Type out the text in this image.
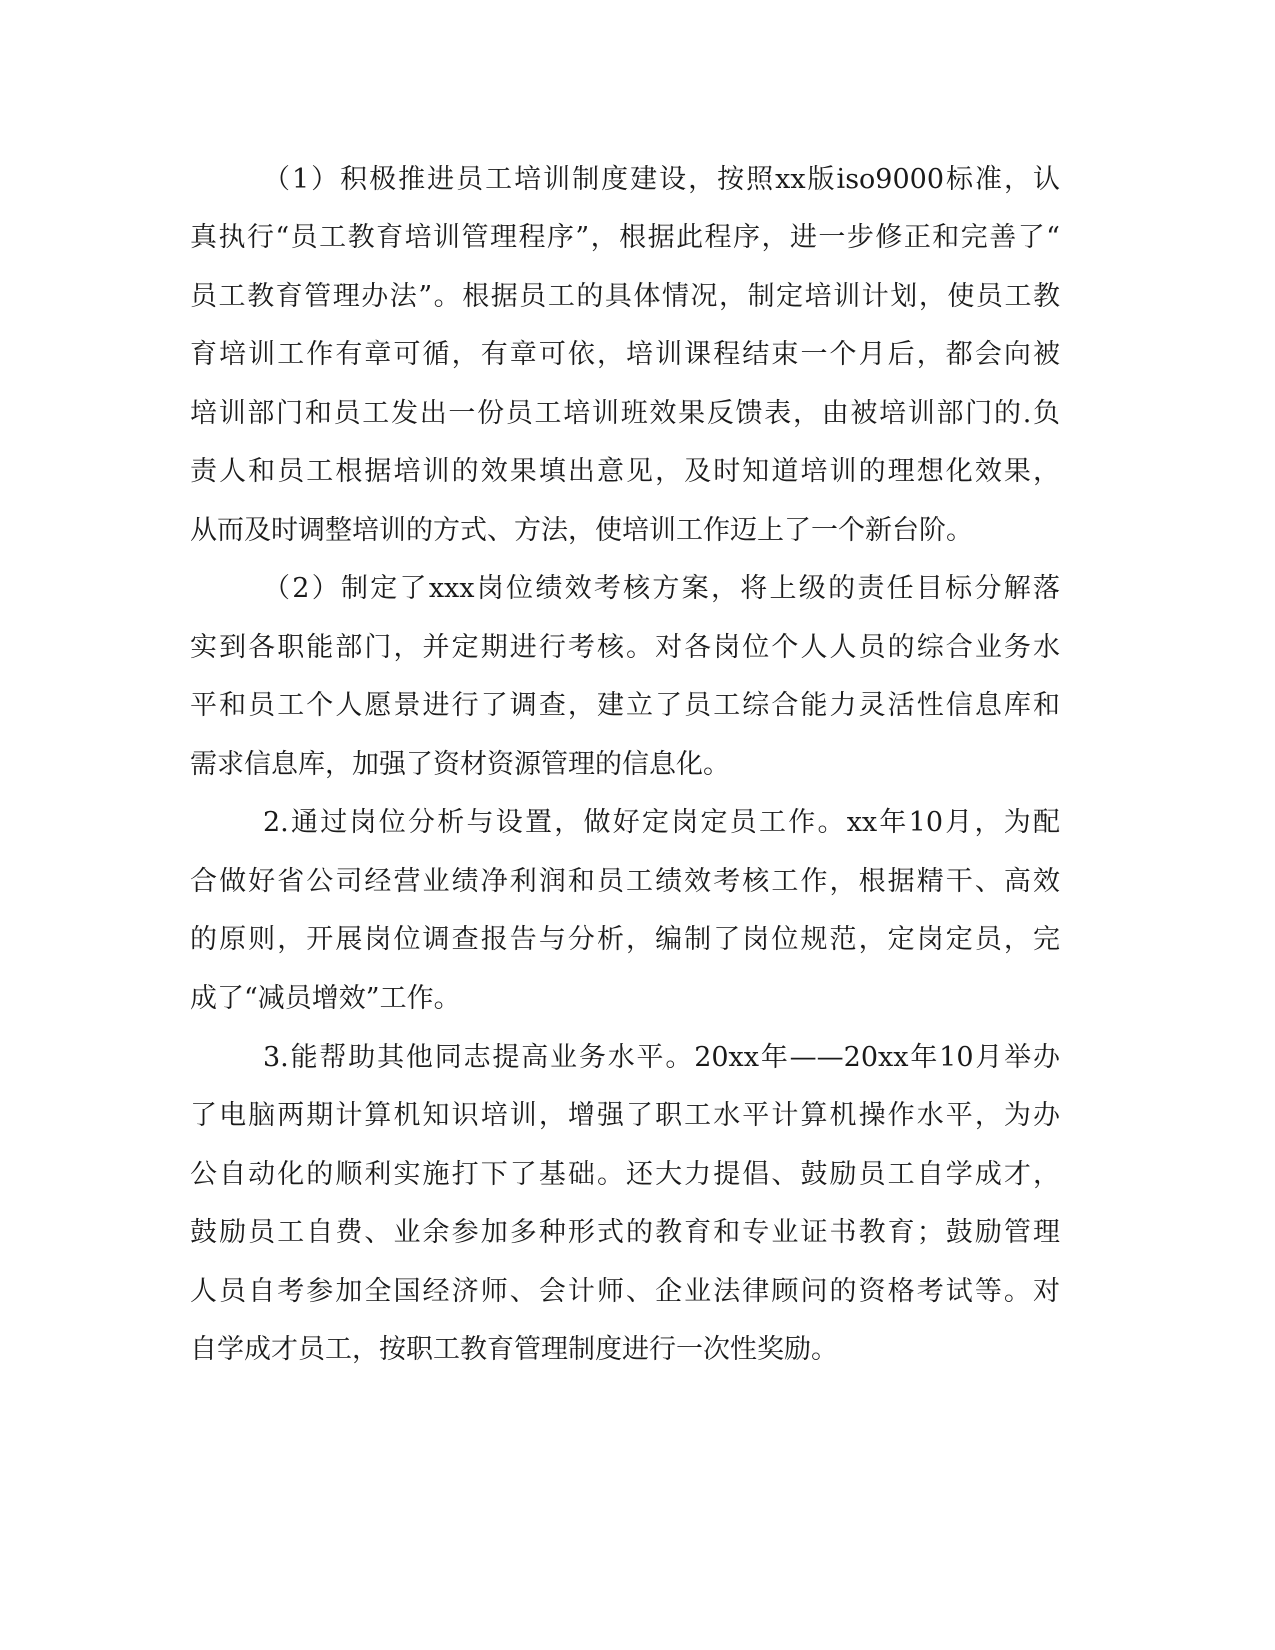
（1）积极推进员工培训制度建设，按照xx版iso9000标准，认
真执行“员工教育培训管理程序”，根据此程序，进一步修正和完善了“
员工教育管理办法”。根据员工的具体情况，制定培训计划，使员工教
育培训工作有章可循，有章可依，培训课程结束一个月后，都会向被
培训部门和员工发出一份员工培训班效果反馈表，由被培训部门的.负
责人和员工根据培训的效果填出意见，及时知道培训的理想化效果，
从而及时调整培训的方式、方法，使培训工作迈上了一个新台阶。
（2）制定了xxx岗位绩效考核方案，将上级的责任目标分解落
实到各职能部门，并定期进行考核。对各岗位个人人员的综合业务水
平和员工个人愿景进行了调查，建立了员工综合能力灵活性信息库和
需求信息库，加强了资材资源管理的信息化。
2.通过岗位分析与设置，做好定岗定员工作。xx年10月，为配
合做好省公司经营业绩净利润和员工绩效考核工作，根据精干、高效
的原则，开展岗位调查报告与分析，编制了岗位规范，定岗定员，完
成了“减员增效”工作。
3.能帮助其他同志提高业务水平。20xx年——20xx年10月举办
了电脑两期计算机知识培训，增强了职工水平计算机操作水平，为办
公自动化的顺利实施打下了基础。还大力提倡、鼓励员工自学成才，
鼓励员工自费、业余参加多种形式的教育和专业证书教育；鼓励管理
人员自考参加全国经济师、会计师、企业法律顾问的资格考试等。对
自学成才员工，按职工教育管理制度进行一次性奖励。
